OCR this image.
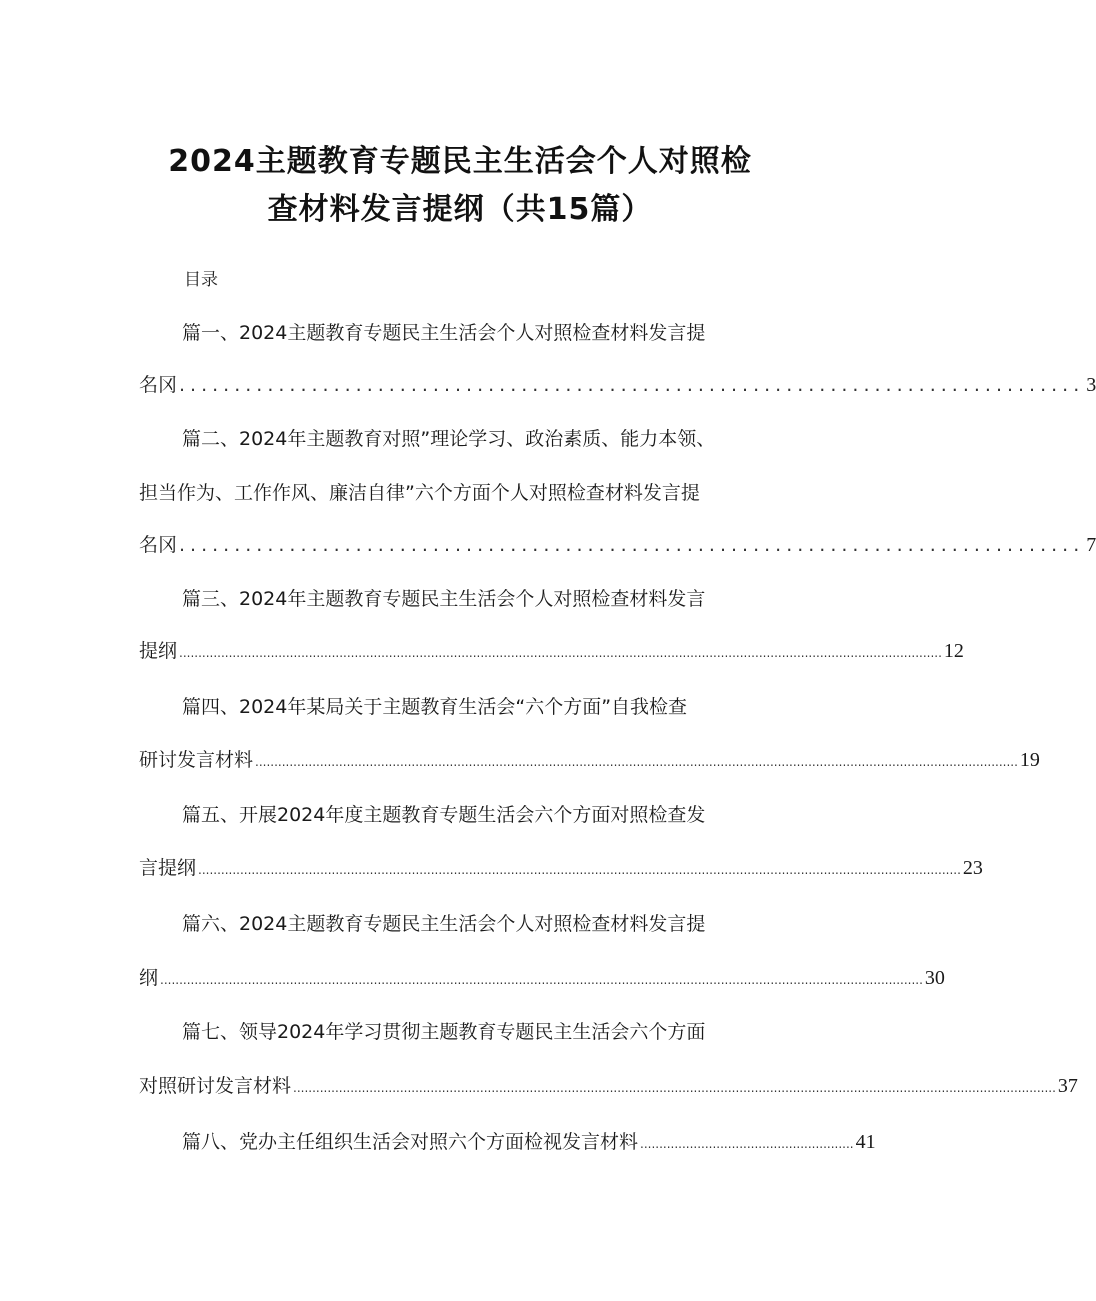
2024主题教育专题民主生活会个人对照检
查材料发言提纲（共15篇）
目录
篇一、2024主题教育专题民主生活会个人对照检查材料发言提
名冈 .................................................................................. 3
篇二、2024年主题教育对照”理论学习、政治素质、能力本领、
担当作为、工作作风、廉洁自律”六个方面个人对照检查材料发言提
名冈 .................................................................................. 7
篇三、2024年主题教育专题民主生活会个人对照检查材料发言
提纲 ........................................................................................................................................................................................................ 12
篇四、2024年某局关于主题教育生活会“六个方面”自我检查
研讨发言材料 ........................................................................................................................................................................................................ 19
篇五、开展2024年度主题教育专题生活会六个方面对照检查发
言提纲 ........................................................................................................................................................................................................ 23
篇六、2024主题教育专题民主生活会个人对照检查材料发言提
纲 ........................................................................................................................................................................................................ 30
篇七、领导2024年学习贯彻主题教育专题民主生活会六个方面
对照研讨发言材料 ........................................................................................................................................................................................................ 37
篇八、党办主任组织生活会对照六个方面检视发言材料 ........................................................ 41
